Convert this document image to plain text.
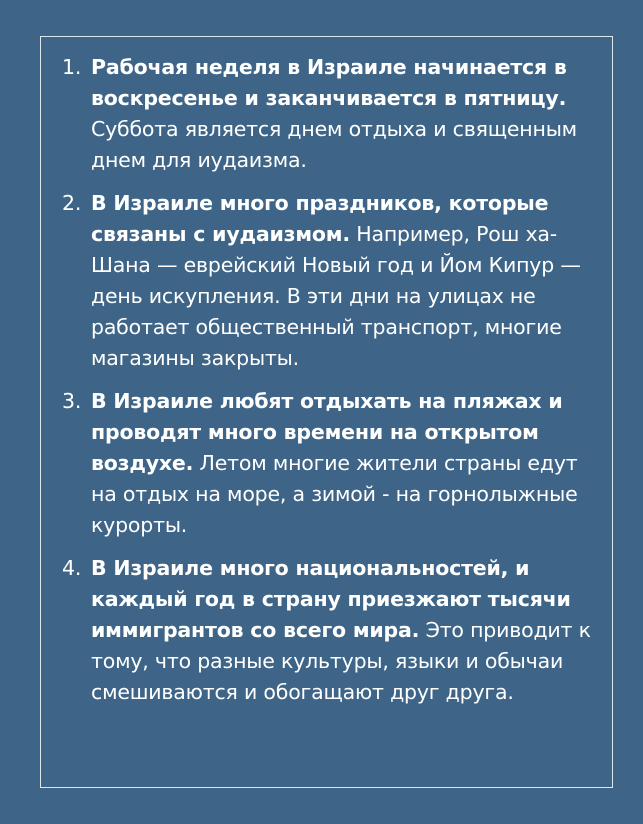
1. Рабочая неделя в Израиле начинается в воскресенье и заканчивается в пятницу. Суббота является днем отдыха и священным днем для иудаизма.
2. В Израиле много праздников, которые связаны с иудаизмом. Например, Рош ха-Шана — еврейский Новый год и Йом Кипур — день искупления. В эти дни на улицах не работает общественный транспорт, многие магазины закрыты.
3. В Израиле любят отдыхать на пляжах и проводят много времени на открытом воздухе. Летом многие жители страны едут на отдых на море, а зимой - на горнолыжные курорты.
4. В Израиле много национальностей, и каждый год в страну приезжают тысячи иммигрантов со всего мира. Это приводит к тому, что разные культуры, языки и обычаи смешиваются и обогащают друг друга.
